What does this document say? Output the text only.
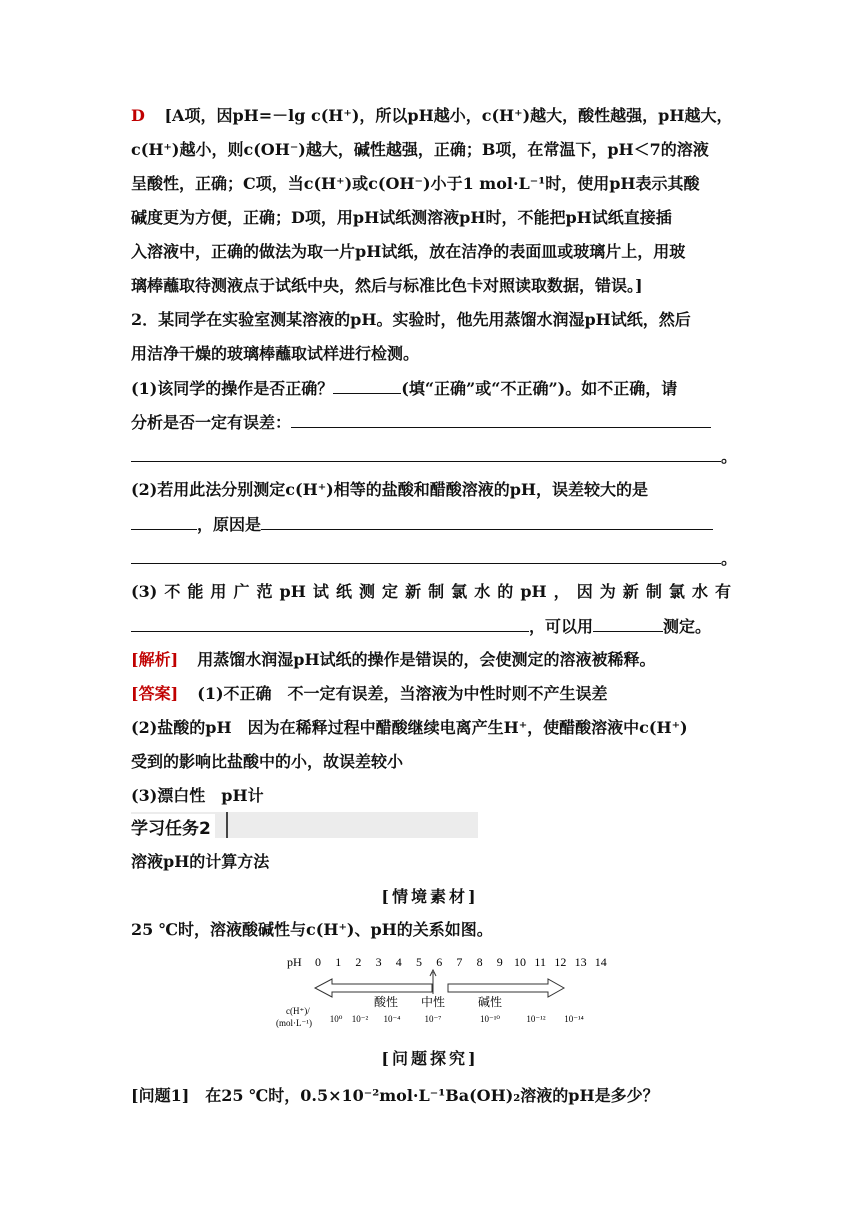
D [A项，因pH=－lg c(H⁺)，所以pH越小，c(H⁺)越大，酸性越强，pH越大，
c(H⁺)越小，则c(OH⁻)越大，碱性越强，正确；B项，在常温下，pH＜7的溶液
呈酸性，正确；C项，当c(H⁺)或c(OH⁻)小于1 mol·L⁻¹时，使用pH表示其酸
碱度更为方便，正确；D项，用pH试纸测溶液pH时，不能把pH试纸直接插
入溶液中，正确的做法为取一片pH试纸，放在洁净的表面皿或玻璃片上，用玻
璃棒蘸取待测液点于试纸中央，然后与标准比色卡对照读取数据，错误。]
2．某同学在实验室测某溶液的pH。实验时，他先用蒸馏水润湿pH试纸，然后
用洁净干燥的玻璃棒蘸取试样进行检测。
(1)该同学的操作是否正确？	(填“正确”或“不正确”)。如不正确，请
分析是否一定有误差：
。
(2)若用此法分别测定c(H⁺)相等的盐酸和醋酸溶液的pH，误差较大的是
，原因是
。
(3)不能用广范pH试纸测定新制氯水的pH，因为新制氯水有
，可以用	测定。
[解析] 用蒸馏水润湿pH试纸的操作是错误的，会使测定的溶液被稀释。
[答案] (1)不正确　不一定有误差，当溶液为中性时则不产生误差
(2)盐酸的pH　因为在稀释过程中醋酸继续电离产生H⁺，使醋酸溶液中c(H⁺)
受到的影响比盐酸中的小，故误差较小
(3)漂白性　pH计
学习任务2
溶液pH的计算方法
[情境素材]
25 ℃时，溶液酸碱性与c(H⁺)、pH的关系如图。
pH 0 1 2 3 4 5 6 7 8 9 10 11 12 13 14
酸性 中性	碱性
c(H⁺)/
(mol·L⁻¹) 10⁰ 10⁻² 10⁻⁴	10⁻⁷	10⁻¹⁰	10⁻¹² 10⁻¹⁴
[问题探究]
[问题1]　在25 ℃时，0.5×10⁻²mol·L⁻¹Ba(OH)₂溶液的pH是多少？
